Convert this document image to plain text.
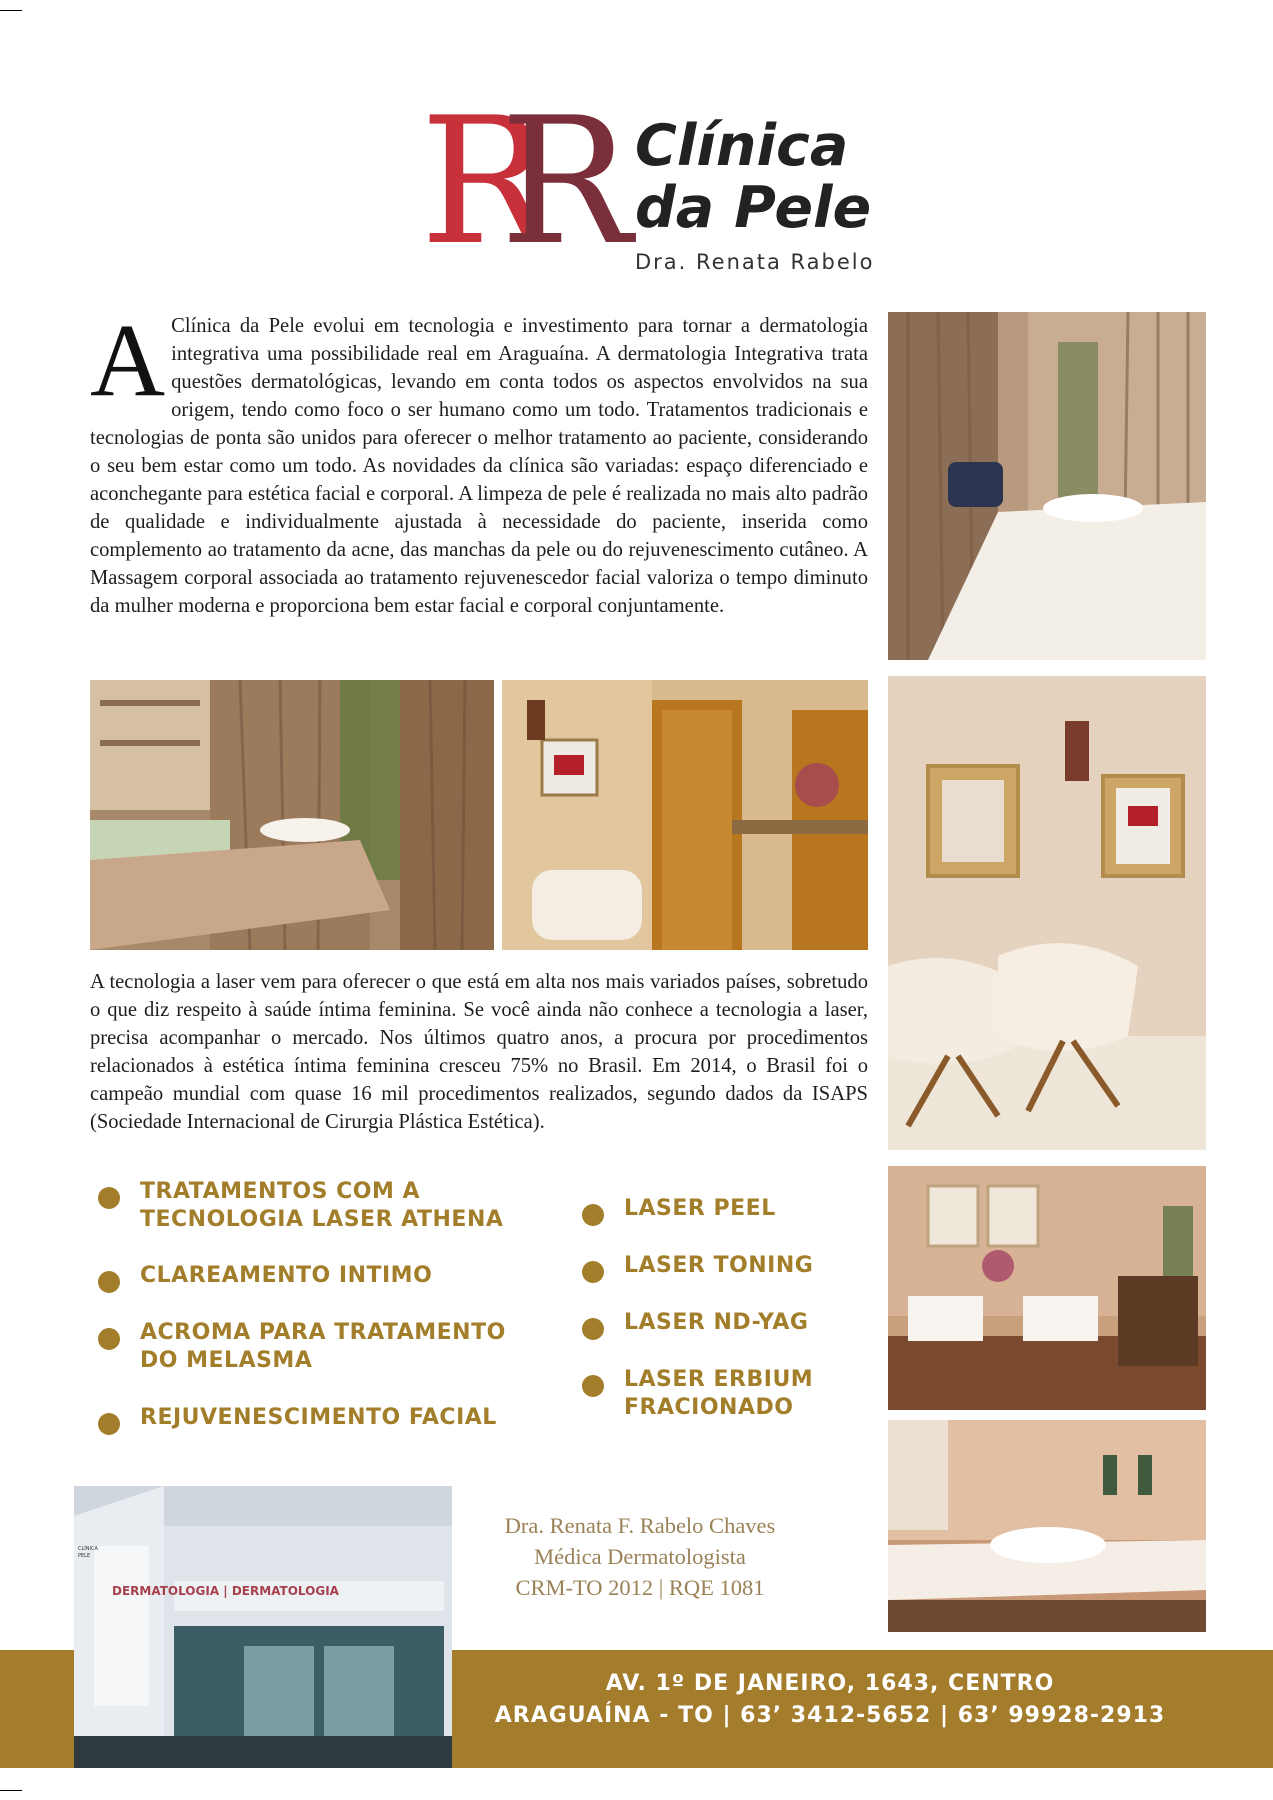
R
R Clínica
da Pele
Dra. Renata Rabelo
A Clínica da Pele evolui em tecnologia e investimento para tornar a dermatologia integrativa uma possibilidade real em Araguaína. A dermatologia Integrativa trata questões dermatológicas, levando em conta todos os aspectos envolvidos na sua origem, tendo como foco o ser humano como um todo. Tratamentos tradicionais e tecnologias de ponta são unidos para oferecer o melhor tratamento ao paciente, considerando o seu bem estar como um todo. As novidades da clínica são variadas: espaço diferenciado e aconchegante para estética facial e corporal. A limpeza de pele é realizada no mais alto padrão de qualidade e individualmente ajustada à necessidade do paciente, inserida como complemento ao tratamento da acne, das manchas da pele ou do rejuvenescimento cutâneo. A Massagem corporal associada ao tratamento rejuvenescedor facial valoriza o tempo diminuto da mulher moderna e proporciona bem estar facial e corporal conjuntamente.
A tecnologia a laser vem para oferecer o que está em alta nos mais variados países, sobretudo o que diz respeito à saúde íntima feminina. Se você ainda não conhece a tecnologia a laser, precisa acompanhar o mercado. Nos últimos quatro anos, a procura por procedimentos relacionados à estética íntima feminina cresceu 75% no Brasil. Em 2014, o Brasil foi o campeão mundial com quase 16 mil procedimentos realizados, segundo dados da ISAPS (Sociedade Internacional de Cirurgia Plástica Estética).
TRATAMENTOS COM A TECNOLOGIA LASER ATHENA
CLAREAMENTO INTIMO
ACROMA PARA TRATAMENTO DO MELASMA
REJUVENESCIMENTO FACIAL
LASER PEEL
LASER TONING
LASER ND-YAG
LASER ERBIUM FRACIONADO
CLÍNICA PELE
DERMATOLOGIA | DERMATOLOGIA
Dra. Renata F. Rabelo Chaves
Médica Dermatologista
CRM-TO 2012 | RQE 1081
AV. 1º DE JANEIRO, 1643, CENTRO
ARAGUAÍNA - TO | 63’ 3412-5652 | 63’ 99928-2913
